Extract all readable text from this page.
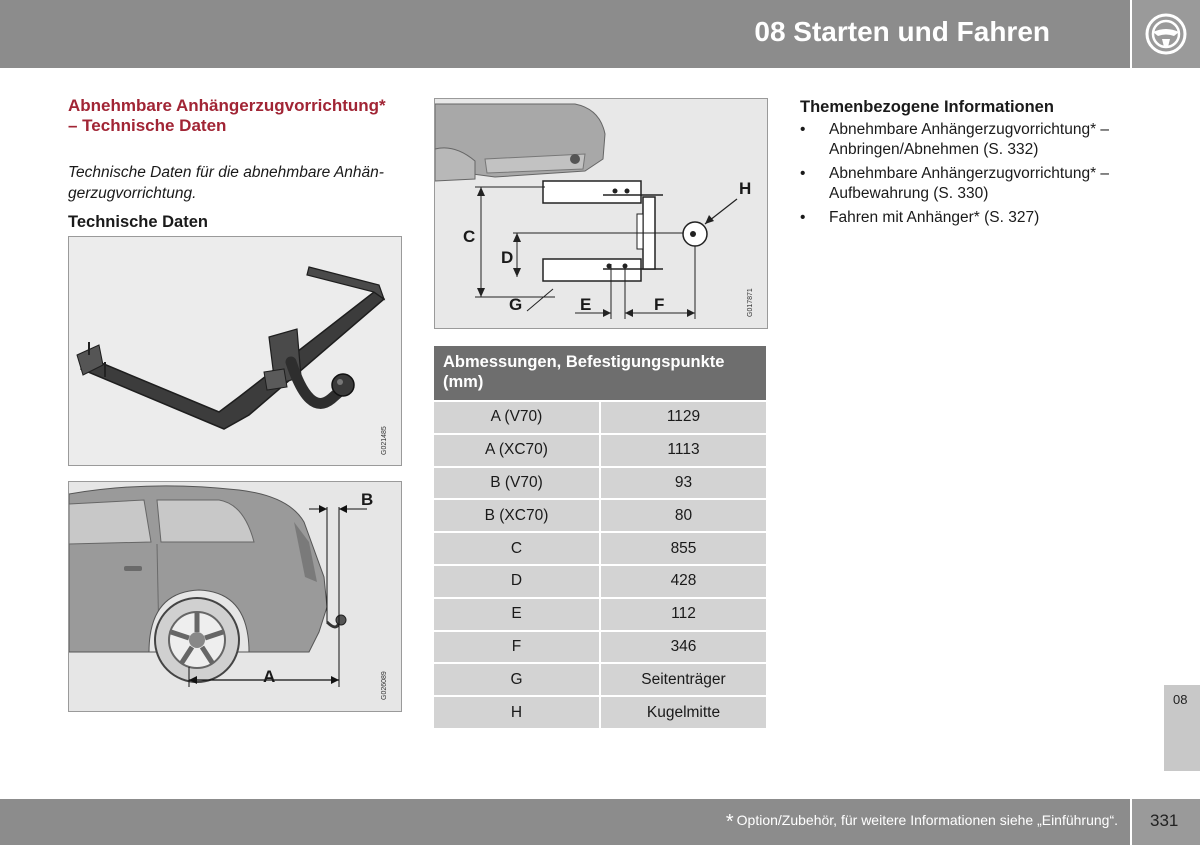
08 Starten und Fahren
Abnehmbare Anhängerzugvorrichtung* – Technische Daten
Technische Daten für die abnehmbare Anhän-gerzugvorrichtung.
Technische Daten
G021485
B
A	G026089
H
C
D
G	E	F	G017871
Abmessungen, Befestigungspunkte (mm)
A (V70)	1129
A (XC70)	1113
B (V70)	93
B (XC70)	80
C	855
D	428
E	112
F	346
G	Seitenträger
H	Kugelmitte
Themenbezogene Informationen
• Abnehmbare Anhängerzugvorrichtung* – Anbringen/Abnehmen (S. 332)
• Abnehmbare Anhängerzugvorrichtung* – Aufbewahrung (S. 330)
• Fahren mit Anhänger* (S. 327)
08
* Option/Zubehör, für weitere Informationen siehe „Einführung“. 331
